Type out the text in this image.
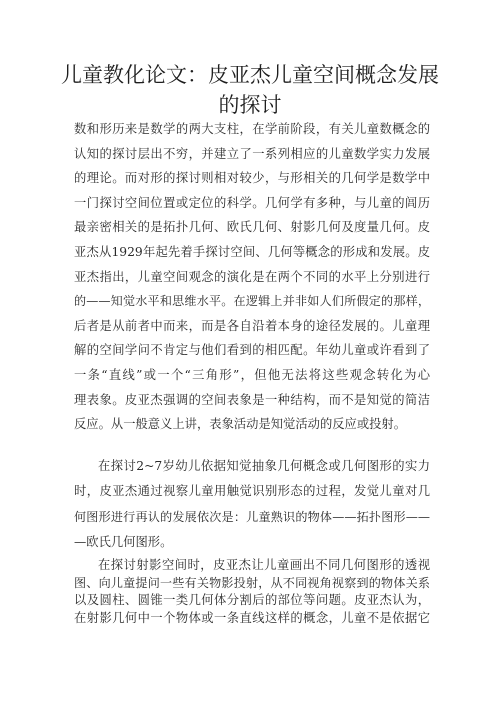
儿童教化论文：皮亚杰儿童空间概念发展
的探讨
数和形历来是数学的两大支柱，在学前阶段，有关儿童数概念的
认知的探讨层出不穷，并建立了一系列相应的儿童数学实力发展
的理论。而对形的探讨则相对较少，与形相关的几何学是数学中
一门探讨空间位置或定位的科学。几何学有多种，与儿童的闾历
最亲密相关的是拓扑几何、欧氏几何、射影几何及度量几何。皮
亚杰从1929年起先着手探讨空间、几何等概念的形成和发展。皮
亚杰指出，儿童空间观念的演化是在两个不同的水平上分别进行
的——知觉水平和思维水平。在逻辑上并非如人们所假定的那样，
后者是从前者中而来，而是各自沿着本身的途径发展的。儿童理
解的空间学问不肯定与他们看到的相匹配。年幼儿童或许看到了
一条“直线”或一个“三角形”，但他无法将这些观念转化为心
理表象。皮亚杰强调的空间表象是一种结构，而不是知觉的简洁
反应。从一般意义上讲，表象活动是知觉活动的反应或投射。
在探讨2~7岁幼儿依据知觉抽象几何概念或几何图形的实力
时，皮亚杰通过视察儿童用触觉识别形态的过程，发觉儿童对几
何图形进行再认的发展依次是：儿童熟识的物体——拓扑图形——
—欧氏几何图形。
在探讨射影空间时，皮亚杰让儿童画出不同几何图形的透视
图、向儿童提问一些有关物影投射，从不同视角视察到的物体关系
以及圆柱、圆锥一类几何体分割后的部位等问题。皮亚杰认为，
在射影几何中一个物体或一条直线这样的概念，儿童不是依据它
